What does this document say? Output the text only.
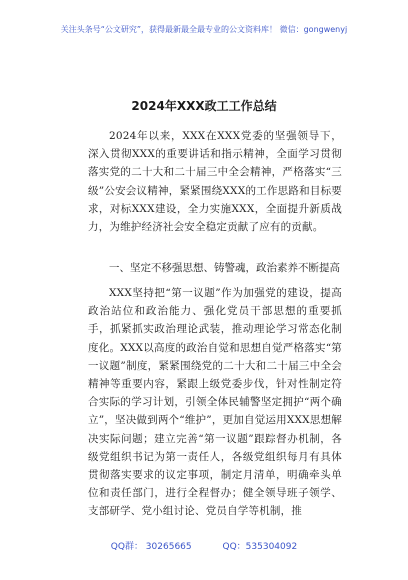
关注头条号“公文研究”，获得最新最全最专业的公文资料库！ 微信：gongwenyj
2024年XXX政工工作总结
2024年以来，XXX在XXX党委的坚强领导下，深入贯彻XXX的重要讲话和指示精神，全面学习贯彻落实党的二十大和二十届三中全会精神，严格落实“三级”公安会议精神，紧紧围绕XXX的工作思路和目标要求，对标XXX建设，全力实施XXX，全面提升新质战力，为维护经济社会安全稳定贡献了应有的贡献。
一、坚定不移强思想、铸警魂，政治素养不断提高
XXX坚持把“第一议题”作为加强党的建设，提高政治站位和政治能力、强化党员干部思想的重要抓手，抓紧抓实政治理论武装，推动理论学习常态化制度化。XXX以高度的政治自觉和思想自觉严格落实“第一议题”制度，紧紧围绕党的二十大和二十届三中全会精神等重要内容，紧跟上级党委步伐，针对性制定符合实际的学习计划，引领全体民辅警坚定拥护“两个确立”，坚决做到两个“维护”，更加自觉运用XXX思想解决实际问题；建立完善“第一议题”跟踪督办机制，各级党组织书记为第一责任人，各级党组织每月有具体贯彻落实要求的议定事项，制定月清单，明确牵头单位和责任部门，进行全程督办；健全领导班子领学、支部研学、党小组讨论、党员自学等机制，推
QQ群： 30265665	QQ：535304092
